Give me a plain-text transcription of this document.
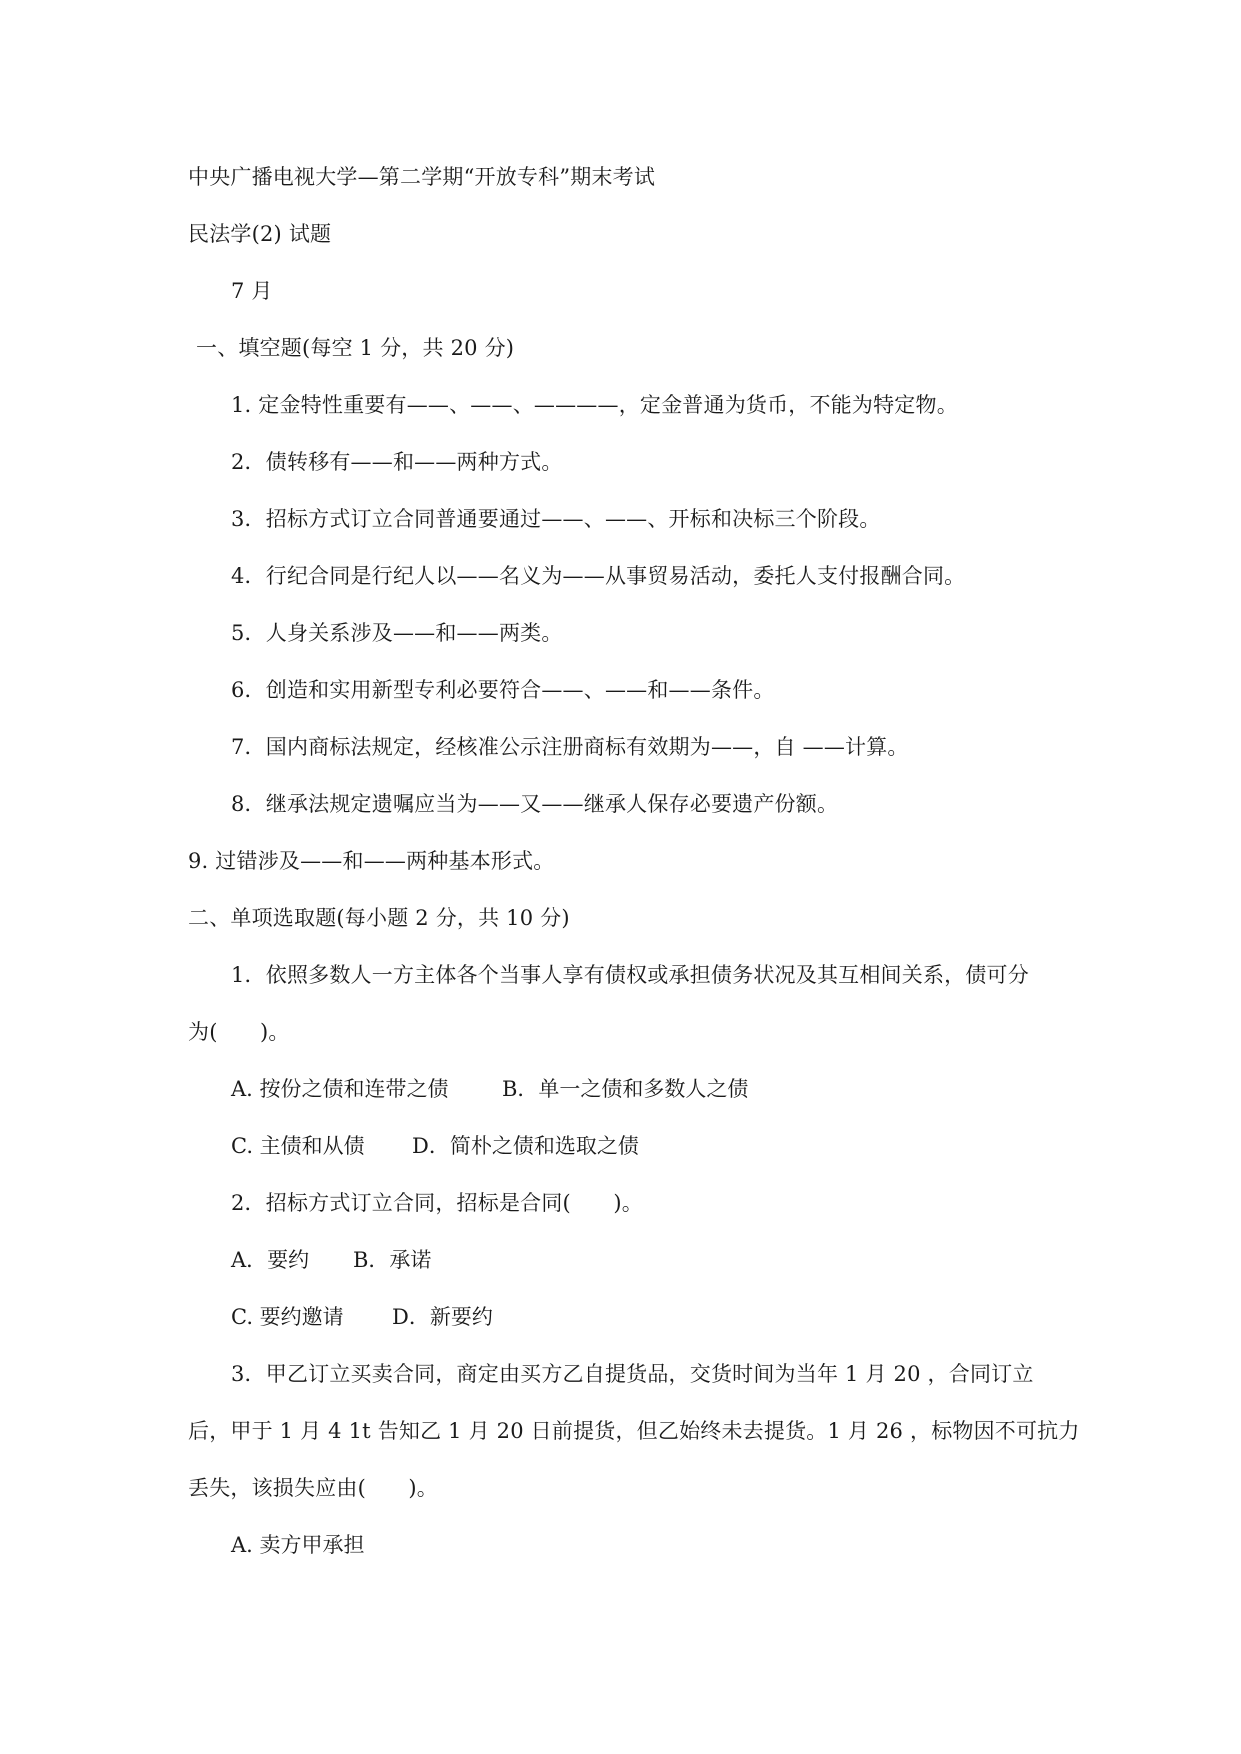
中央广播电视大学—第二学期“开放专科”期末考试
民法学(2) 试题
7 月
一、填空题(每空 1 分，共 20 分)
1. 定金特性重要有——、——、————，定金普通为货币，不能为特定物。
2．债转移有——和——两种方式。
3．招标方式订立合同普通要通过——、——、开标和决标三个阶段。
4．行纪合同是行纪人以——名义为——从事贸易活动，委托人支付报酬合同。
5．人身关系涉及——和——两类。
6．创造和实用新型专利必要符合——、——和——条件。
7．国内商标法规定，经核准公示注册商标有效期为——，自 ——计算。
8．继承法规定遗嘱应当为——又——继承人保存必要遗产份额。
9. 过错涉及——和——两种基本形式。
二、单项选取题(每小题 2 分，共 10 分)
1．依照多数人一方主体各个当事人享有债权或承担债务状况及其互相间关系，债可分
为(　　)。
A. 按份之债和连带之债	B．单一之债和多数人之债
C. 主债和从债 D．简朴之债和选取之债
2．招标方式订立合同，招标是合同(　　)。
A．要约 B．承诺
C. 要约邀请 D．新要约
3．甲乙订立买卖合同，商定由买方乙自提货品，交货时间为当年 1 月 20 ，合同订立
后，甲于 1 月 4 1t 告知乙 1 月 20 日前提货，但乙始终未去提货。1 月 26 ，标物因不可抗力
丢失，该损失应由(　　)。
A. 卖方甲承担
